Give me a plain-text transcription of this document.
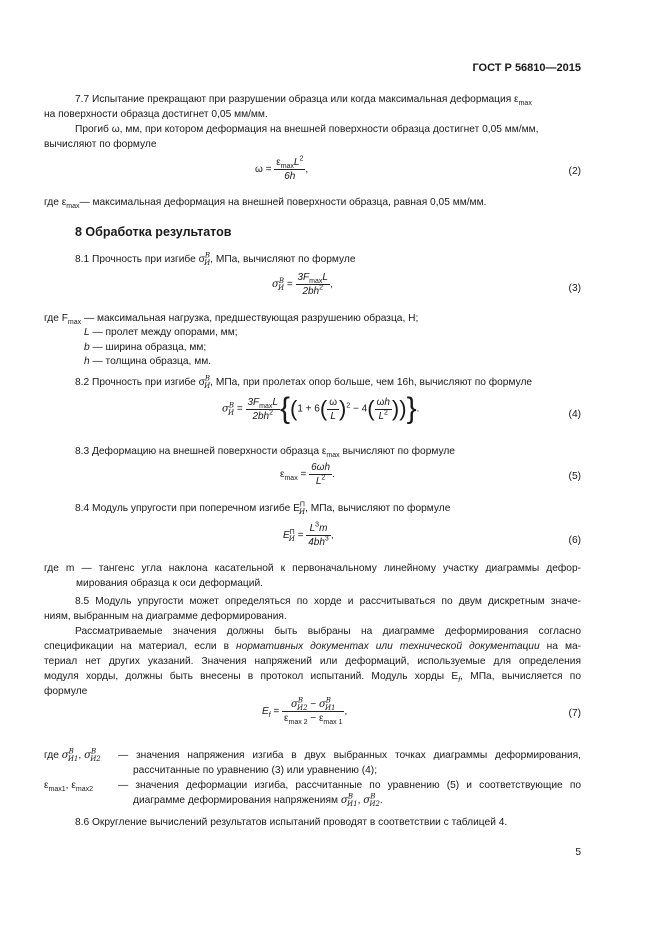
ГОСТ Р 56810—2015
7.7 Испытание прекращают при разрушении образца или когда максимальная деформация $\varepsilon_{max}$
на поверхности образца достигнет 0,05 мм/мм.
Прогиб ω, мм, при котором деформация на внешней поверхности образца достигнет 0,05 мм/мм,
вычисляют по формуле
$\omega = \frac{\varepsilon_{max}L^2}{6h}$ ,	(2)
где $\varepsilon_{max}—$ максимальная деформация на внешней поверхности образца, равная 0,05 мм/мм.
8 Обработка результатов
8.1 Прочность при изгибе $\sigma^В_И$, МПа, вычисляют по формуле
$\sigma^В_И = \frac{3F_{max}L}{2bh^2}$ ,	(3)
где $F_{max}$ — максимальная нагрузка, предшествующая разрушению образца, Н;
L — пролет между опорами, мм;
b — ширина образца, мм;
h — толщина образца, мм.
8.2 Прочность при изгибе $\sigma^В_И$, МПа, при пролетах опор больше, чем 16h, вычисляют по формуле
$\sigma^В_И = \frac{3F_{max}L}{2bh^2} \{(1 + 6( \frac{\omega}{L} )^2 - 4( \frac{\omega h}{L^2}$ ))}.	(4)
8.3 Деформацию на внешней поверхности образца $\varepsilon_{max}$ вычисляют по формуле
$\varepsilon_{max} = \frac{6\omega h}{L^2}$ .	(5)
8.4 Модуль упругости при поперечном изгибе $E^П_И$, МПа, вычисляют по формуле
$E^П_И = \frac{L^3m}{4bh^3}$ ,	(6)
где m — тангенс угла наклона касательной к первоначальному линейному участку диаграммы дефор-
мирования образца к оси деформаций.
8.5 Модуль упругости может определяться по хорде и рассчитываться по двум дискретным значе-
ниям, выбранным на диаграмме деформирования.
Рассматриваемые значения должны быть выбраны на диаграмме деформирования согласно
спецификации на материал, если в нормативных документах или технической документации на ма-
териал нет других указаний. Значения напряжений или деформаций, используемые для определения
модуля хорды, должны быть внесены в протокол испытаний. Модуль хорды $E_f$, МПа, вычисляется по
формуле
$E_f = \frac{\sigma^В_{И2} - \sigma^В_{И1}}{\varepsilon_{max 2} - \varepsilon_{max 1}}$ ,	(7)
где $\sigma^В_{И1}$, $\sigma^В_{И2}$ — значения напряжения изгиба в двух выбранных точках диаграммы деформирования,
рассчитанные по уравнению (3) или уравнению (4);
$\varepsilon_{max1}$, $\varepsilon_{max2}$ — значения деформации изгиба, рассчитанные по уравнению (5) и соответствующие по
диаграмме деформирования напряжениям $\sigma^В_{И1}$, $\sigma^В_{И2}$.
8.6 Округление вычислений результатов испытаний проводят в соответствии с таблицей 4.
5
